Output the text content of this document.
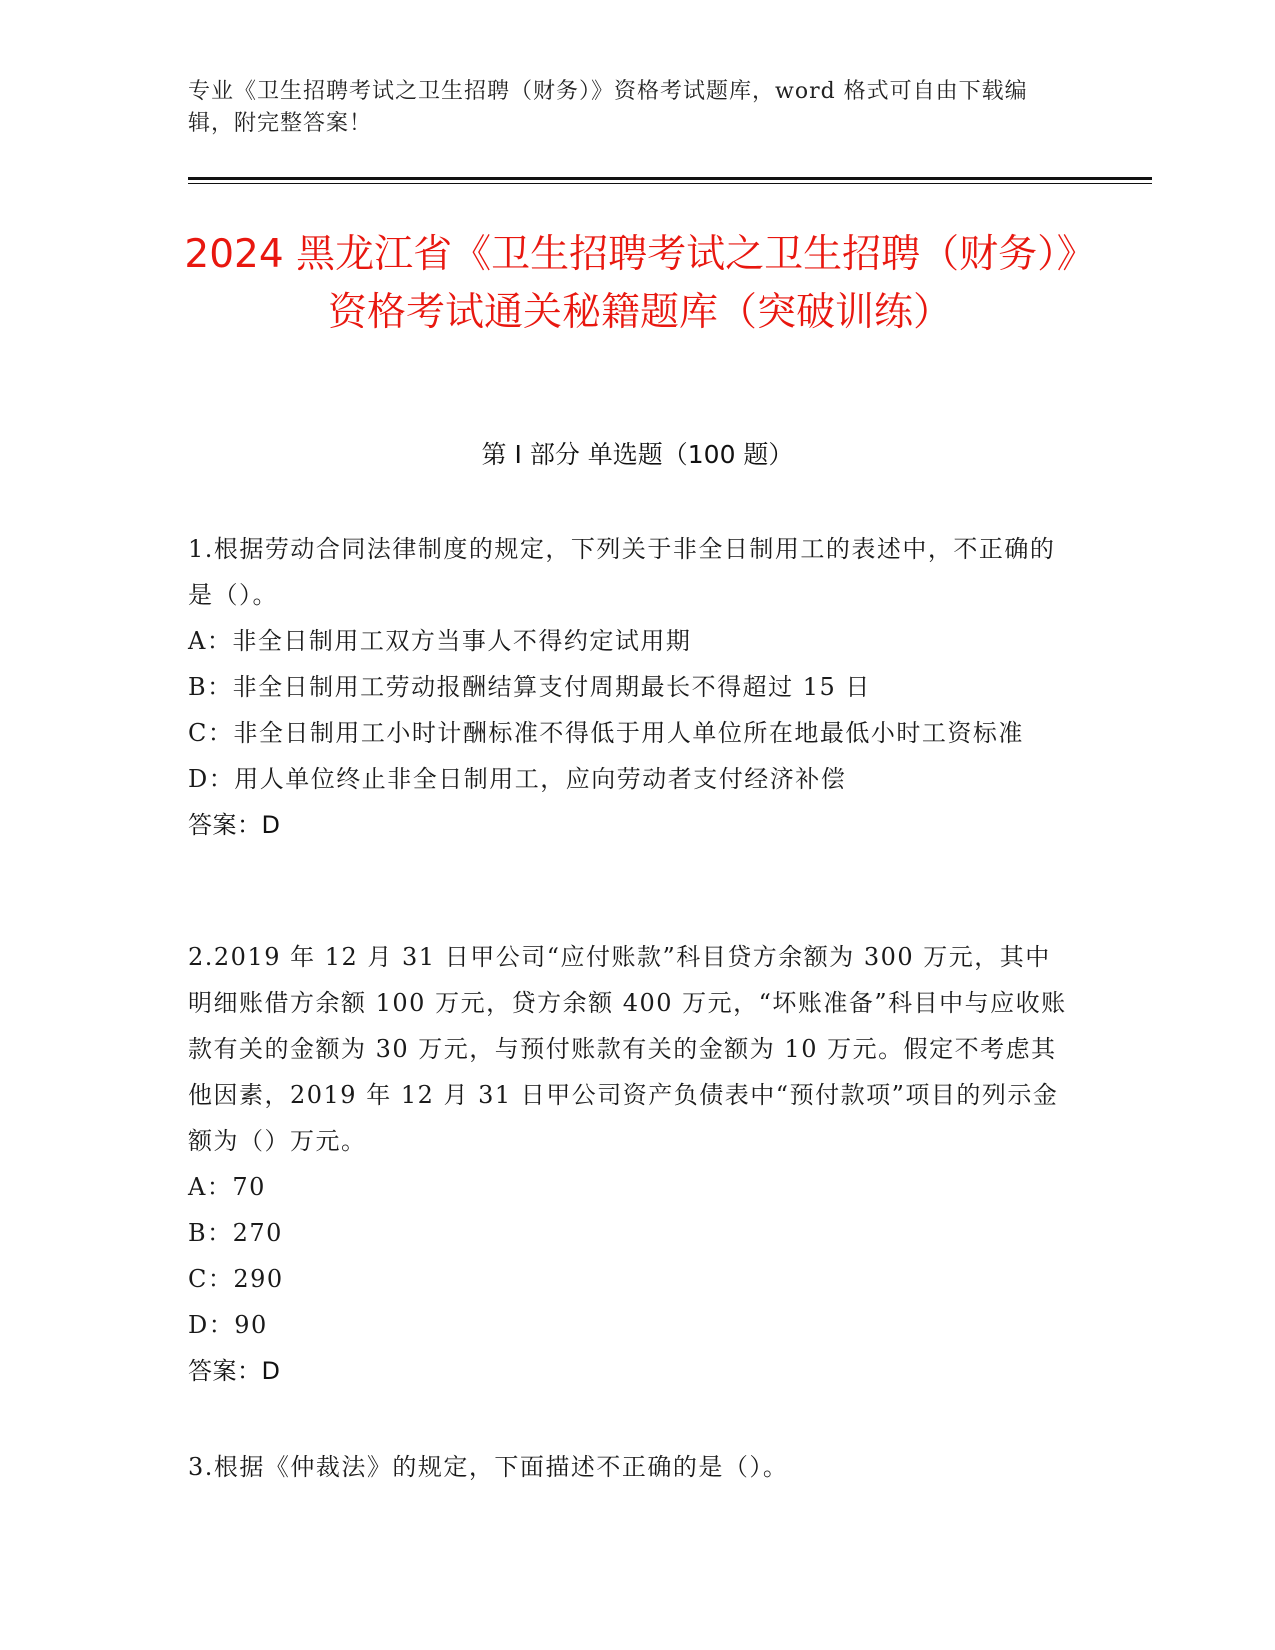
专业《卫生招聘考试之卫生招聘（财务）》资格考试题库，word 格式可自由下载编辑，附完整答案！
2024 黑龙江省《卫生招聘考试之卫生招聘（财务）》资格考试通关秘籍题库（突破训练）
第 I 部分 单选题（100 题）

1.根据劳动合同法律制度的规定，下列关于非全日制用工的表述中，不正确的是（）。

A：非全日制用工双方当事人不得约定试用期

B：非全日制用工劳动报酬结算支付周期最长不得超过 15 日

C：非全日制用工小时计酬标准不得低于用人单位所在地最低小时工资标准

D：用人单位终止非全日制用工，应向劳动者支付经济补偿

答案：D

2.2019 年 12 月 31 日甲公司“应付账款”科目贷方余额为 300 万元，其中明细账借方余额 100 万元，贷方余额 400 万元，“坏账准备”科目中与应收账款有关的金额为 30 万元，与预付账款有关的金额为 10 万元。假定不考虑其他因素，2019 年 12 月 31 日甲公司资产负债表中“预付款项”项目的列示金额为（）万元。

A：70

B：270

C：290

D：90

答案：D

3.根据《仲裁法》的规定，下面描述不正确的是（）。
